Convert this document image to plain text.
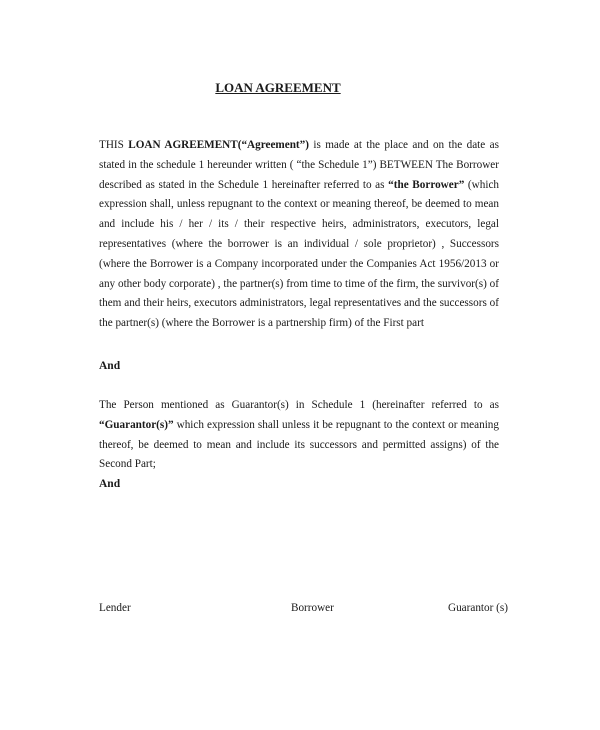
LOAN AGREEMENT

THIS LOAN AGREEMENT(“Agreement”) is made at the place and on the date as stated in the schedule 1 hereunder written ( “the Schedule 1”) BETWEEN The Borrower described as stated in the Schedule 1 hereinafter referred to as “the Borrower” (which expression shall, unless repugnant to the context or meaning thereof, be deemed to mean and include his / her / its / their respective heirs, administrators, executors, legal representatives (where the borrower is an individual / sole proprietor) , Successors (where the Borrower is a Company incorporated under the Companies Act 1956/2013 or any other body corporate) , the partner(s) from time to time of the firm, the survivor(s) of them and their heirs, executors administrators, legal representatives and the successors of the partner(s) (where the Borrower is a partnership firm) of the First part

And

The Person mentioned as Guarantor(s) in Schedule 1 (hereinafter referred to as “Guarantor(s)” which expression shall unless it be repugnant to the context or meaning thereof, be deemed to mean and include its successors and permitted assigns) of the Second Part;

And
Lender	Borrower	Guarantor (s)
